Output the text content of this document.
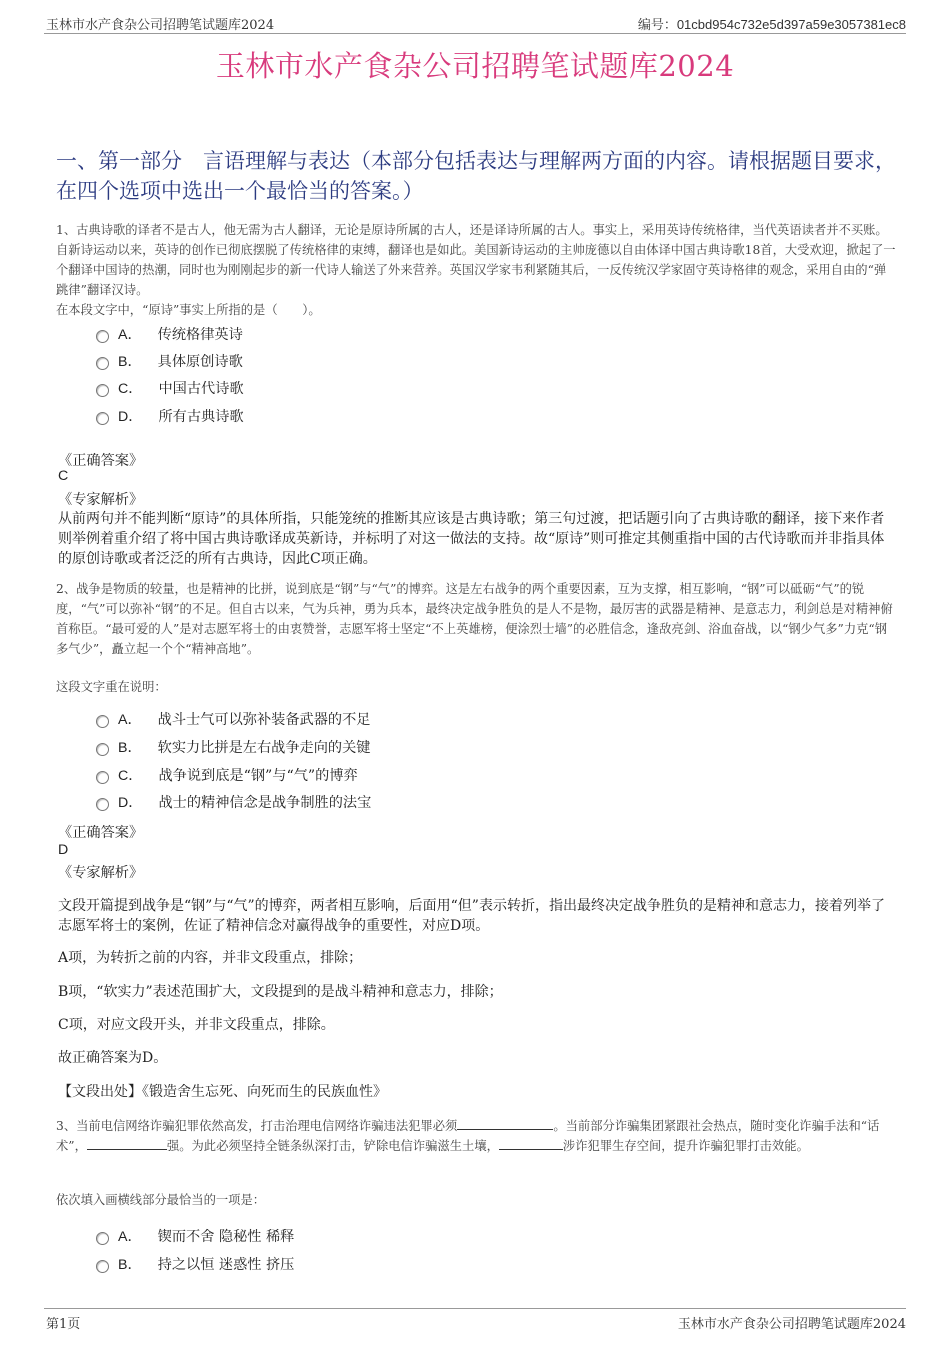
玉林市水产食杂公司招聘笔试题库2024	编号：01cbd954c732e5d397a59e3057381ec8
玉林市水产食杂公司招聘笔试题库2024
一、第一部分　言语理解与表达（本部分包括表达与理解两方面的内容。请根据题目要求，在四个选项中选出一个最恰当的答案。）
1、古典诗歌的译者不是古人，他无需为古人翻译，无论是原诗所属的古人，还是译诗所属的古人。事实上，采用英诗传统格律，当代英语读者并不买账。自新诗运动以来，英诗的创作已彻底摆脱了传统格律的束缚，翻译也是如此。美国新诗运动的主帅庞德以自由体译中国古典诗歌18首，大受欢迎，掀起了一个翻译中国诗的热潮，同时也为刚刚起步的新一代诗人输送了外来营养。英国汉学家韦利紧随其后，一反传统汉学家固守英诗格律的观念，采用自由的“弹跳律”翻译汉诗。
在本段文字中，“原诗”事实上所指的是（　　）。
A． 传统格律英诗
B． 具体原创诗歌
C． 中国古代诗歌
D． 所有古典诗歌
《正确答案》
C
《专家解析》
从前两句并不能判断“原诗”的具体所指，只能笼统的推断其应该是古典诗歌；第三句过渡，把话题引向了古典诗歌的翻译，接下来作者则举例着重介绍了将中国古典诗歌译成英新诗，并标明了对这一做法的支持。故“原诗”则可推定其侧重指中国的古代诗歌而并非指具体的原创诗歌或者泛泛的所有古典诗，因此C项正确。
2、战争是物质的较量，也是精神的比拼，说到底是“钢”与“气”的博弈。这是左右战争的两个重要因素，互为支撑，相互影响，“钢”可以砥砺“气”的锐度，“气”可以弥补“钢”的不足。但自古以来，气为兵神，勇为兵本，最终决定战争胜负的是人不是物，最厉害的武器是精神、是意志力，利剑总是对精神俯首称臣。“最可爱的人”是对志愿军将士的由衷赞誉，志愿军将士坚定“不上英雄榜，便涂烈士墙”的必胜信念，逢敌亮剑、浴血奋战，以“钢少气多”力克“钢多气少”，矗立起一个个“精神高地”。
这段文字重在说明：
A． 战斗士气可以弥补装备武器的不足
B． 软实力比拼是左右战争走向的关键
C． 战争说到底是“钢”与“气”的博弈
D． 战士的精神信念是战争制胜的法宝
《正确答案》
D
《专家解析》
文段开篇提到战争是“钢”与“气”的博弈，两者相互影响，后面用“但”表示转折，指出最终决定战争胜负的是精神和意志力，接着列举了志愿军将士的案例，佐证了精神信念对赢得战争的重要性，对应D项。
A项，为转折之前的内容，并非文段重点，排除；
B项，“软实力”表述范围扩大，文段提到的是战斗精神和意志力，排除；
C项，对应文段开头，并非文段重点，排除。
故正确答案为D。
【文段出处】《锻造舍生忘死、向死而生的民族血性》
3、当前电信网络诈骗犯罪依然高发，打击治理电信网络诈骗违法犯罪必须	。当前部分诈骗集团紧跟社会热点，随时变化诈骗手法和“话术”，	强。为此必须坚持全链条纵深打击，铲除电信诈骗滋生土壤，	涉诈犯罪生存空间，提升诈骗犯罪打击效能。
依次填入画横线部分最恰当的一项是：
A． 锲而不舍 隐秘性 稀释
B． 持之以恒 迷惑性 挤压
第1页	玉林市水产食杂公司招聘笔试题库2024
